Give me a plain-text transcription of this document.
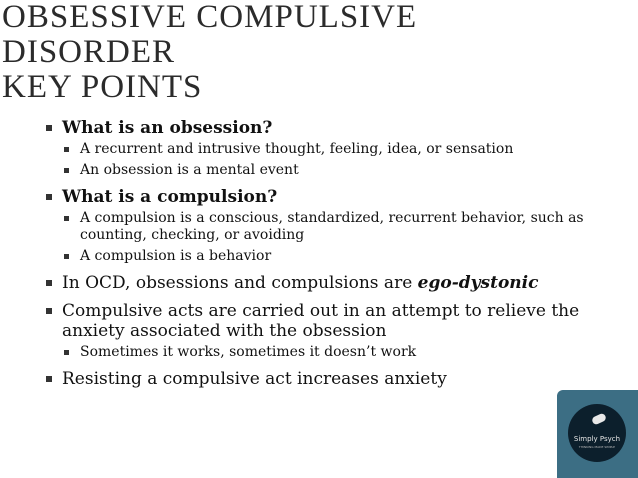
OBSESSIVE COMPULSIVE
DISORDER
KEY POINTS

What is an obsession?

A recurrent and intrusive thought, feeling, idea, or sensation

An obsession is a mental event

What is a compulsion?

A compulsion is a conscious, standardized, recurrent behavior, such as counting, checking, or avoiding

A compulsion is a behavior

In OCD, obsessions and compulsions are ego-dystonic

Compulsive acts are carried out in an attempt to relieve the anxiety associated with the obsession

Sometimes it works, sometimes it doesn’t work

Resisting a compulsive act increases anxiety

Simply Psych
THINKING MADE SIMPLE
